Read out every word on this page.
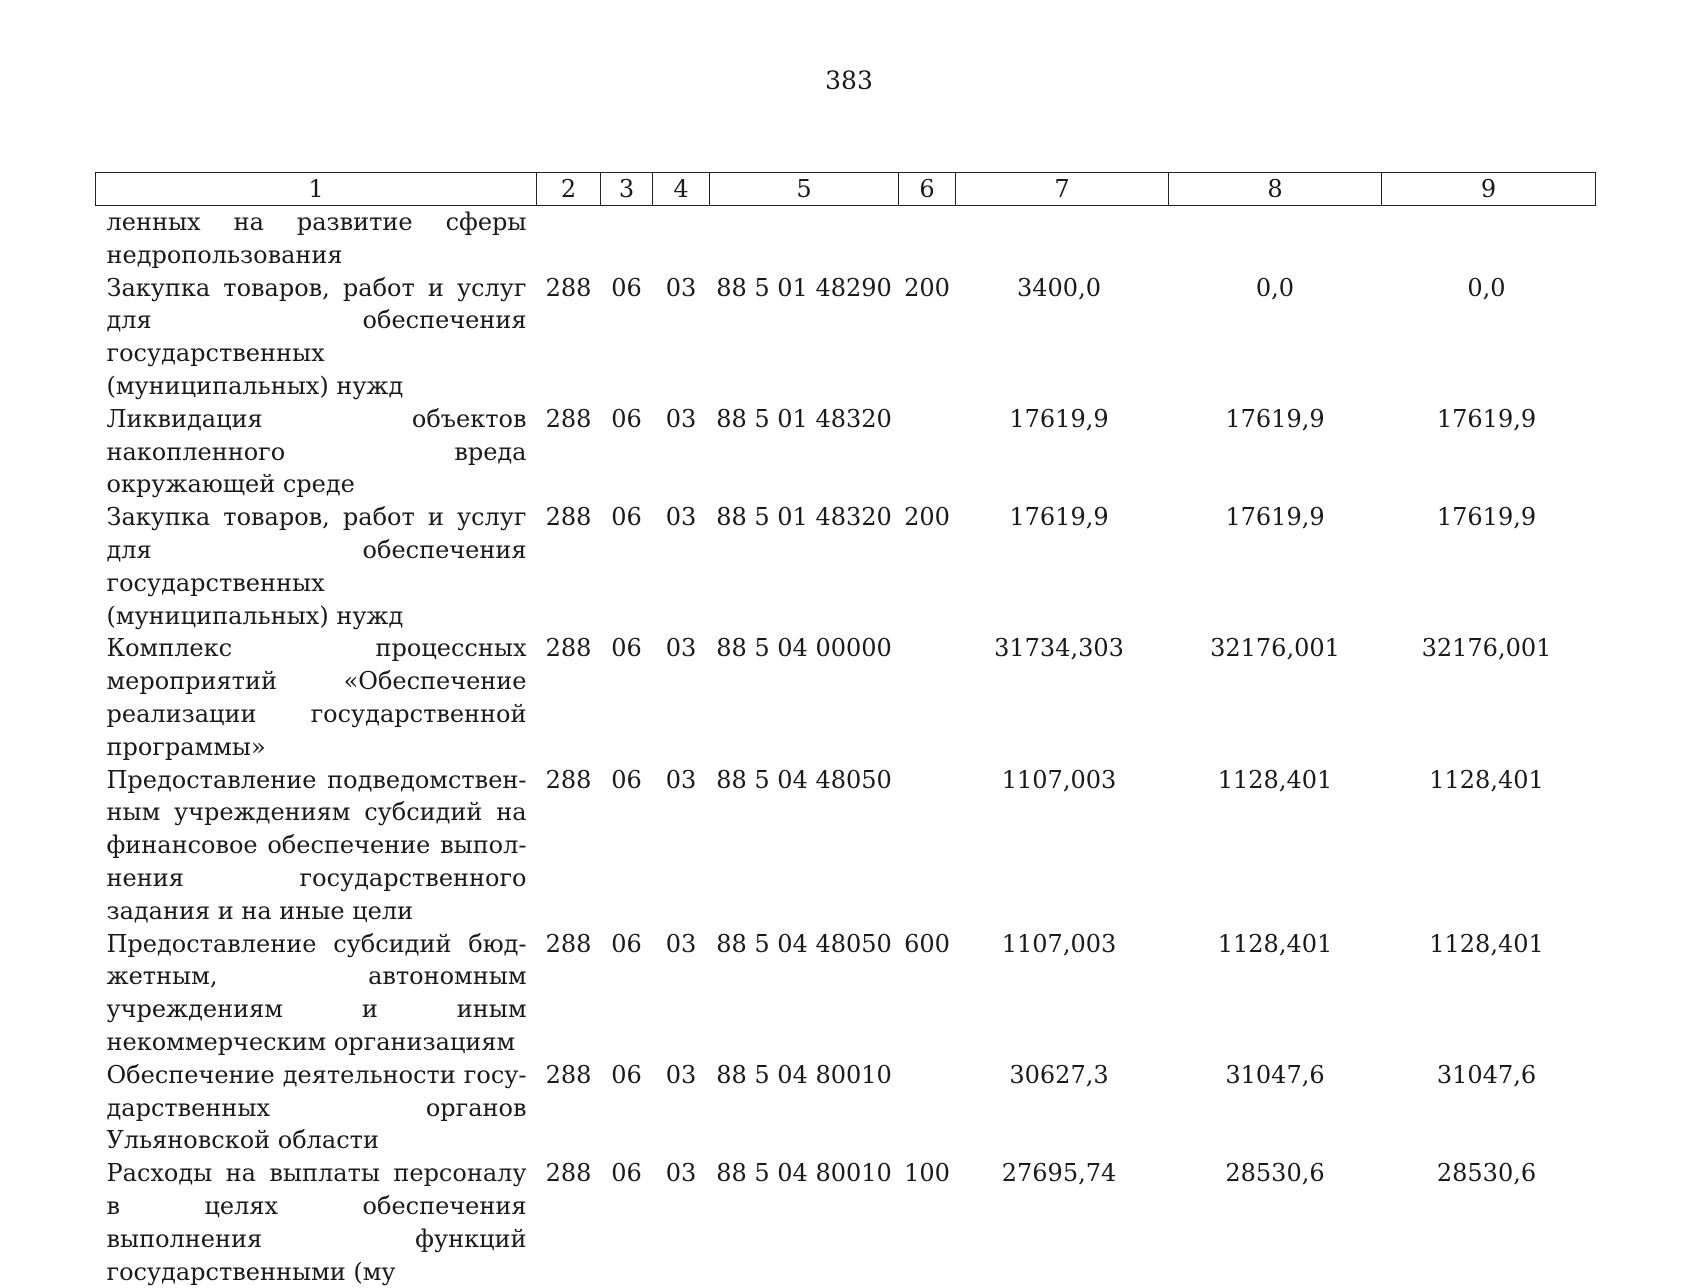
383
1	2	3	4	5	6	7	8	9
ленных на развитие сферы недропользования								
Закупка товаров, работ и услуг для обеспечения государственных (муниципальных) нужд	288	06	03	88 5 01 48290	200	3400,0	0,0	0,0
Ликвидация объектов накопленного вреда окружающей среде	288	06	03	88 5 01 48320		17619,9	17619,9	17619,9
Закупка товаров, работ и услуг для обеспечения государственных (муниципальных) нужд	288	06	03	88 5 01 48320	200	17619,9	17619,9	17619,9
Комплекс процессных мероприятий «Обеспечение реализации государственной программы»	288	06	03	88 5 04 00000		31734,303	32176,001	32176,001
Предоставление подведомственным учреждениям субсидий на финансовое обеспечение выполнения государственного задания и на иные цели	288	06	03	88 5 04 48050		1107,003	1128,401	1128,401
Предоставление субсидий бюджетным, автономным учреждениям и иным некоммерческим организациям	288	06	03	88 5 04 48050	600	1107,003	1128,401	1128,401
Обеспечение деятельности государственных органов Ульяновской области	288	06	03	88 5 04 80010		30627,3	31047,6	31047,6
Расходы на выплаты персоналу в целях обеспечения выполнения функций государственными (му	288	06	03	88 5 04 80010	100	27695,74	28530,6	28530,6
